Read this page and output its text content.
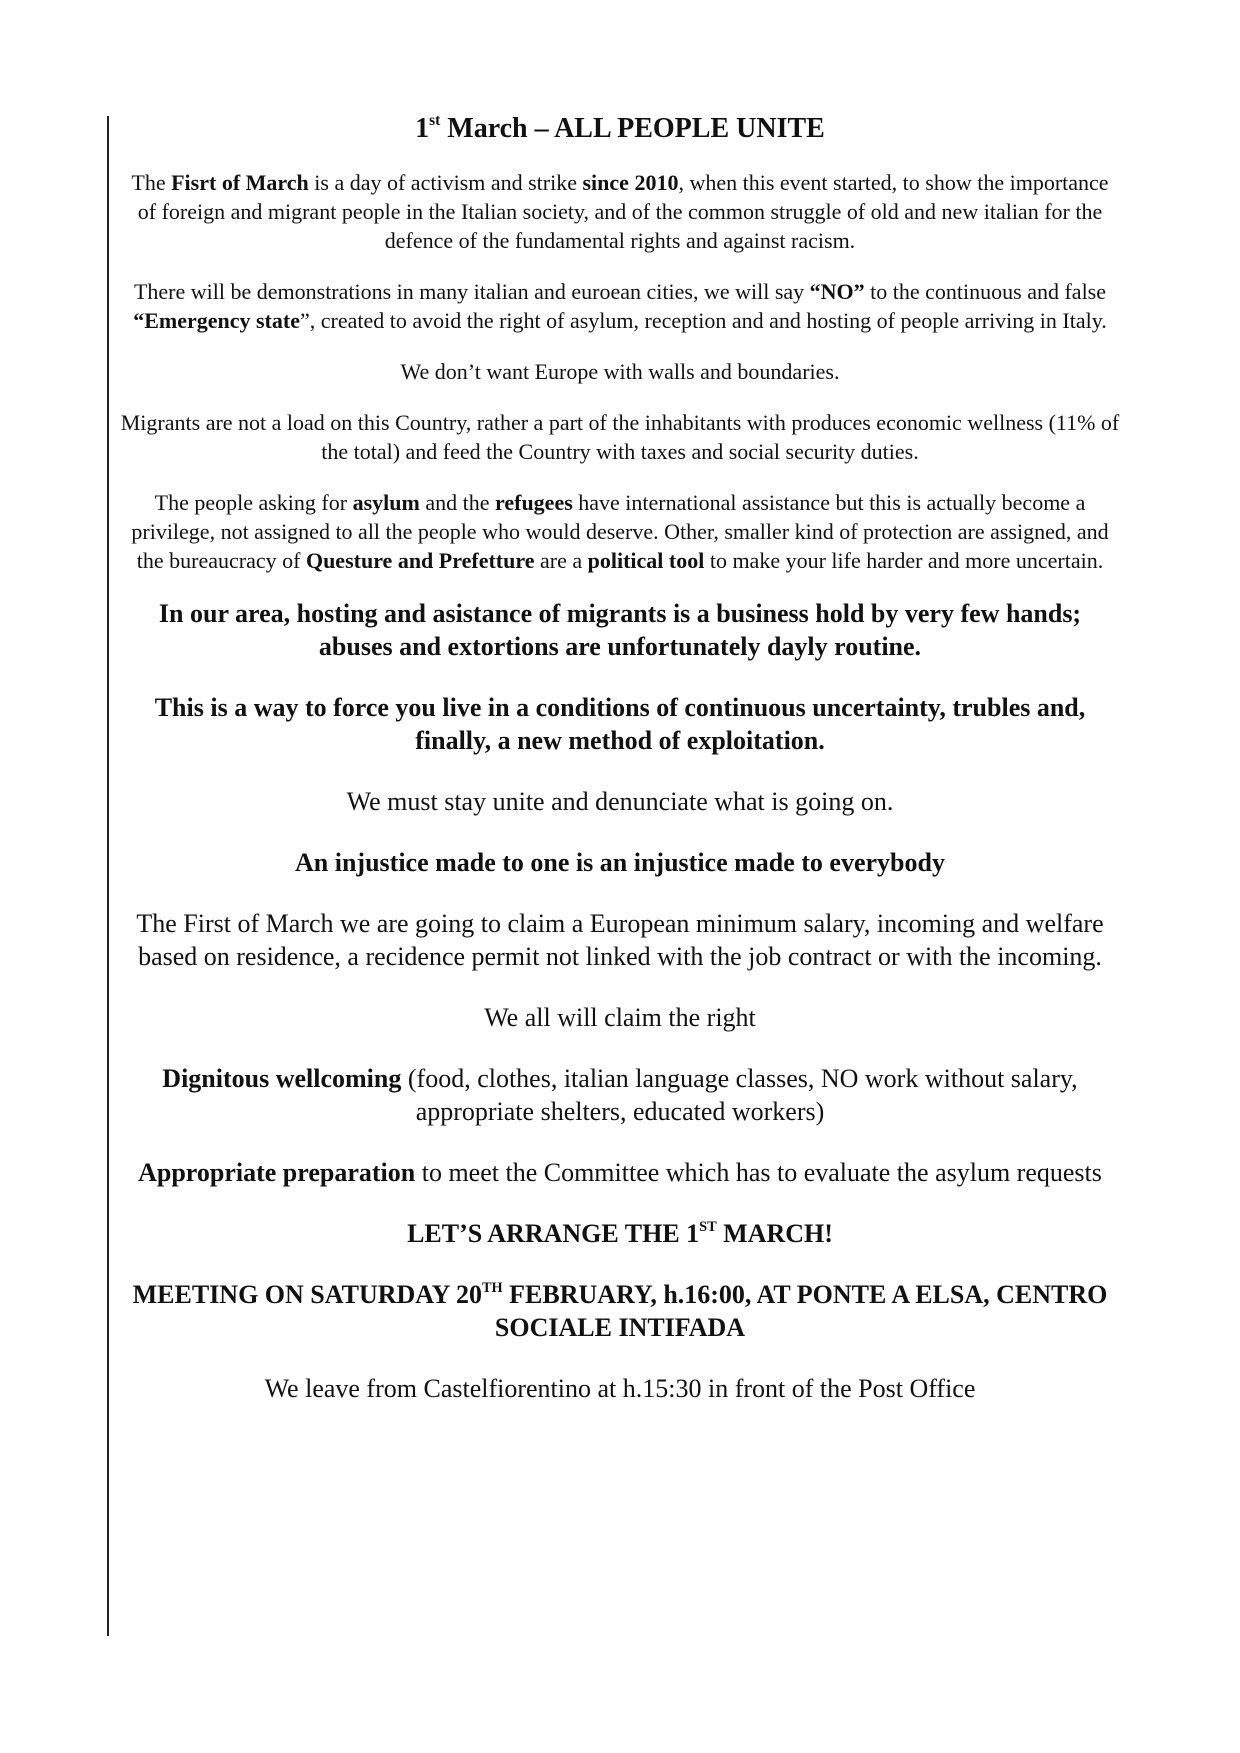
1st March – ALL PEOPLE UNITE

The Fisrt of March is a day of activism and strike since 2010, when this event started, to show the importance of foreign and migrant people in the Italian society, and of the common struggle of old and new italian for the defence of the fundamental rights and against racism.

There will be demonstrations in many italian and euroean cities, we will say “NO” to the continuous and false “Emergency state”, created to avoid the right of asylum, reception and and hosting of people arriving in Italy.

We don’t want Europe with walls and boundaries.

Migrants are not a load on this Country, rather a part of the inhabitants with produces economic wellness (11% of the total) and feed the Country with taxes and social security duties.

The people asking for asylum and the refugees have international assistance but this is actually become a privilege, not assigned to all the people who would deserve. Other, smaller kind of protection are assigned, and the bureaucracy of Questure and Prefetture are a political tool to make your life harder and more uncertain.

In our area, hosting and asistance of migrants is a business hold by very few hands; abuses and extortions are unfortunately dayly routine.

This is a way to force you live in a conditions of continuous uncertainty, trubles and, finally, a new method of exploitation.

We must stay unite and denunciate what is going on.

An injustice made to one is an injustice made to everybody

The First of March we are going to claim a European minimum salary, incoming and welfare based on residence, a recidence permit not linked with the job contract or with the incoming.

We all will claim the right

Dignitous wellcoming (food, clothes, italian language classes, NO work without salary, appropriate shelters, educated workers)

Appropriate preparation to meet the Committee which has to evaluate the asylum requests

LET’S ARRANGE THE 1ST MARCH!

MEETING ON SATURDAY 20TH FEBRUARY, h.16:00, AT PONTE A ELSA, CENTRO SOCIALE INTIFADA

We leave from Castelfiorentino at h.15:30 in front of the Post Office
